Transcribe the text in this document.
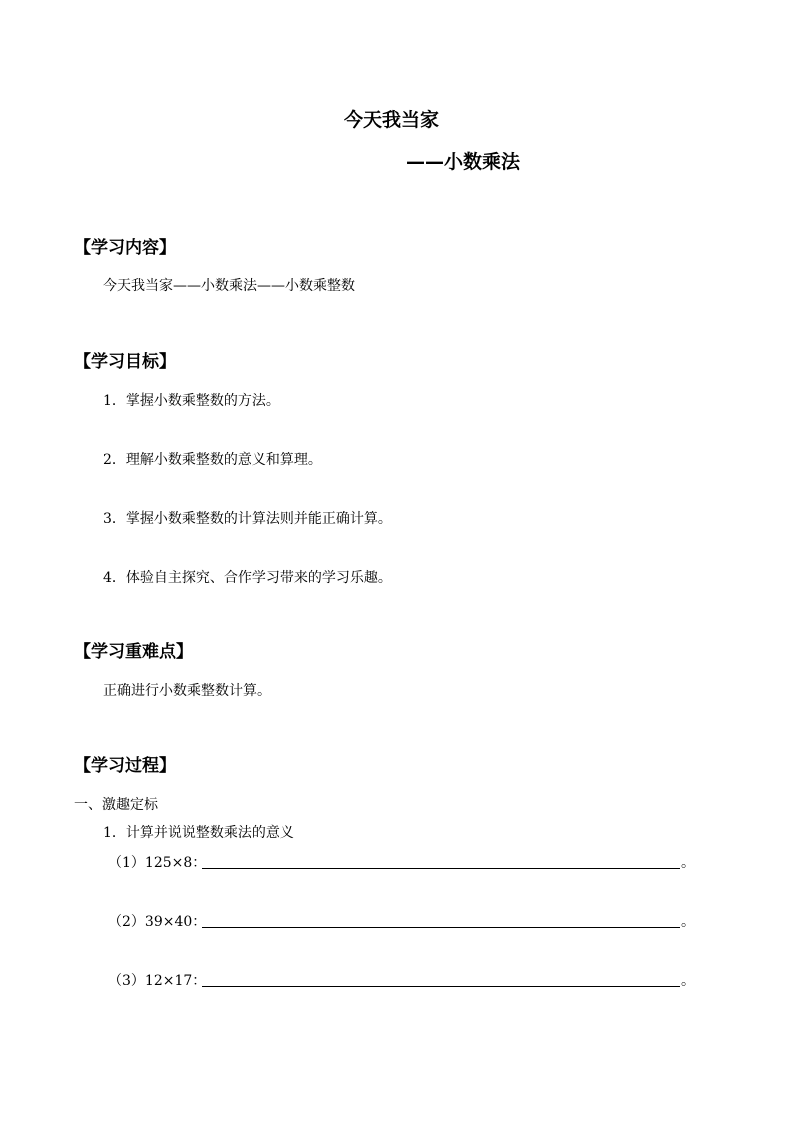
今天我当家
——小数乘法
【学习内容】
今天我当家——小数乘法——小数乘整数
【学习目标】
1．掌握小数乘整数的方法。
2．理解小数乘整数的意义和算理。
3．掌握小数乘整数的计算法则并能正确计算。
4．体验自主探究、合作学习带来的学习乐趣。
【学习重难点】
正确进行小数乘整数计算。
【学习过程】
一、激趣定标
1．计算并说说整数乘法的意义
（1）125×8：	。
（2）39×40：	。
（3）12×17：	。
